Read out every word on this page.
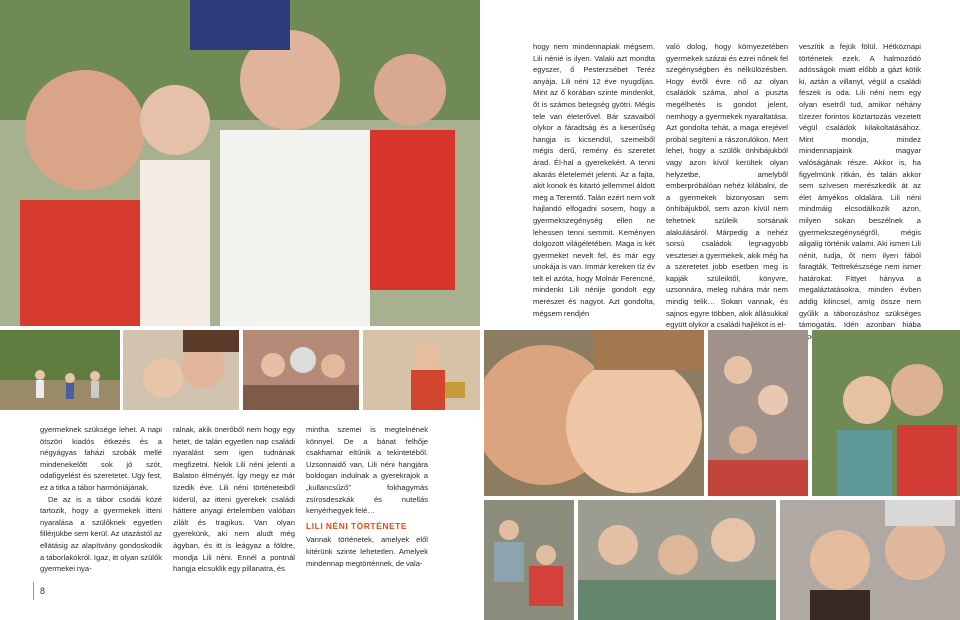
hogy nem mindennapiak mégsem. Lili nénié is ilyen. Valaki azt mondta egyszer, ő Pesterzsébet Teréz anyája. Lili néni 12 éve nyugdíjas. Mint az ő korában szinte mindenkit, őt is számos betegség gyötri. Mégis tele van életerővel. Bár szavaiból olykor a fáradtság és a keserűség hangja is kicsendül, szemeiből mégis derű, remény és szeretet árad. Él-hal a gyerekekért. A tenni akarás életelemét jelenti. Az a fajta, akit konok és kitartó jellemmel áldott meg a Teremtő. Talán ezért nem volt hajlandó elfogadni sosem, hogy a gyermekszegénység ellen ne lehessen tenni semmit. Keményen dolgozott világéletében. Maga is két gyermeket nevelt fel, és már egy unokája is van. Immár kereken tíz év telt el azóta, hogy Molnár Ferencné, mindenki Lili nénije gondolt egy merészet és nagyot. Azt gondolta, mégsem rendjén

való dolog, hogy környezetében gyermekek százai és ezrei nőnek fel szegénységben és nélkülözésben. Hogy évről évre nő az olyan családok száma, ahol a puszta megélhetés is gondot jelent, nemhogy a gyermekek nyaraltatása. Azt gondolta tehát, a maga erejével próbál segíteni a rászorulókon. Mert lehet, hogy a szülők önhibájukból vagy azon kívül kerültek olyan helyzetbe, amelyből emberpróbálóan nehéz kilábalni, de a gyermekek bizonyosan sem önhibájukból, sem azon kívül nem tehetnek szüleik sorsának alakulásáról. Márpedig a nehéz sorsú családok legnagyobb vesztesei a gyermekek, akik még ha a szeretetet jobb esetben meg is kapják szüleiktől, könyvre, uzsonnára, meleg ruhára már nem mindig telik… Sokan vannak, és sajnos egyre többen, akik állásukkal együtt olykor a családi hajlékot is el-

veszítik a fejük fölül. Hétköznapi történetek ezek. A halmozódó adósságok miatt előbb a gázt kötik ki, aztán a villanyt, végül a családi fészek is oda. Lili néni nem egy olyan esetről tud, amikor néhány tízezer forintos köztartozás vezetett végül családok kilakoltatásához. Mint mondja, mindez mindennapjaink magyar valóságának része. Akkor is, ha figyelmünk ritkán, és talán akkor sem szívesen merészkedik át az élet ámyékos oldalára. Lili néni mindmáig elcsodálkozik azon, milyen sokan beszélnek a gyermekszegénységről, mégis aligalig történik valami. Aki ismeri Lili nénit, tudja, őt nem ilyen fából faragták. Tettrekészsége nem ismer határokat. Fittyet hányva a megaláztatásokra, minden évben addig kilincsel, amíg össze nem gyűlik a táborozáshoz szükséges támogatás. Idén azonban hiába

gyermeknek szüksége lehet. A napi ötszöri kiadós étkezés és a négyágyas faházi szobák mellé mindenekelőtt sok jó szót, odafigyelést és szeretetet. Ugy fest, ez a titka a tábor harmóniájának.

De az is a tábor csodái közé tartozik, hogy a gyermekek itteni nyaralása a szülőknek egyetlen fillérjükbe sem kerül. Az utazástól az ellátásig az alapítvány gondoskodik a táborlakókról. Igaz, itt olyan szülők gyermekei nya-

ralnak, akik önerőből nem hogy egy hetet, de talán egyetlen nap családi nyaralást sem igen tudnának megfizetni. Nekik Lili néni jelenti a Balaton élményét. Így megy ez már tizedik éve. Lili néni történeteiből kiderül, az itteni gyerekek családi háttere anyagi értelemben valóban zilált és tragikus. Van olyan gyerekünk, aki nem aludt még ágyban, és itt is leágyaz a földre, mondja Lili néni. Ennél a pontnál hangja elcsuklik egy pillanatra, és

mintha szemei is megtelnének könnyel. De a bánat felhője csakhamar eltűnik a tekintetéből. Uzsonnaidő van, Lili néni hangjára boldogan indulnak a gyerekrajok a „kullancsűző” fokhagymás zsírosdeszkák és nutellás kenyérhegyek felé…

LILI NÉNI TÖRTÉNETE

Vannak történetek, amelyek elől kitérünk szinte lehetetlen. Amelyek mindennap megtörténnek, de vala-

8
